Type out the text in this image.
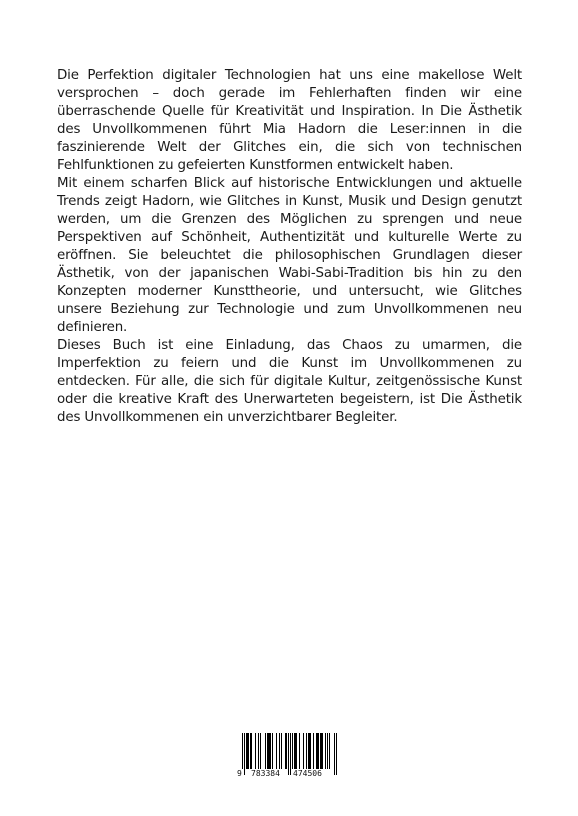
Die Perfektion digitaler Technologien hat uns eine makellose Welt versprochen – doch gerade im Fehlerhaften finden wir eine überraschende Quelle für Kreativität und Inspiration. In Die Ästhetik des Unvollkommenen führt Mia Hadorn die Leser:innen in die faszinierende Welt der Glitches ein, die sich von technischen Fehlfunktionen zu gefeierten Kunstformen entwickelt haben.

Mit einem scharfen Blick auf historische Entwicklungen und aktuelle Trends zeigt Hadorn, wie Glitches in Kunst, Musik und Design genutzt werden, um die Grenzen des Möglichen zu sprengen und neue Perspektiven auf Schönheit, Authentizität und kulturelle Werte zu eröffnen. Sie beleuchtet die philosophischen Grundlagen dieser Ästhetik, von der japanischen Wabi-Sabi-Tradition bis hin zu den Konzepten moderner Kunsttheorie, und untersucht, wie Glitches unsere Beziehung zur Technologie und zum Unvollkommenen neu definieren.

Dieses Buch ist eine Einladung, das Chaos zu umarmen, die Imperfektion zu feiern und die Kunst im Unvollkommenen zu entdecken. Für alle, die sich für digitale Kultur, zeitgenössische Kunst oder die kreative Kraft des Unerwarteten begeistern, ist Die Ästhetik des Unvollkommenen ein unverzichtbarer Begleiter.

9 783384 474506
